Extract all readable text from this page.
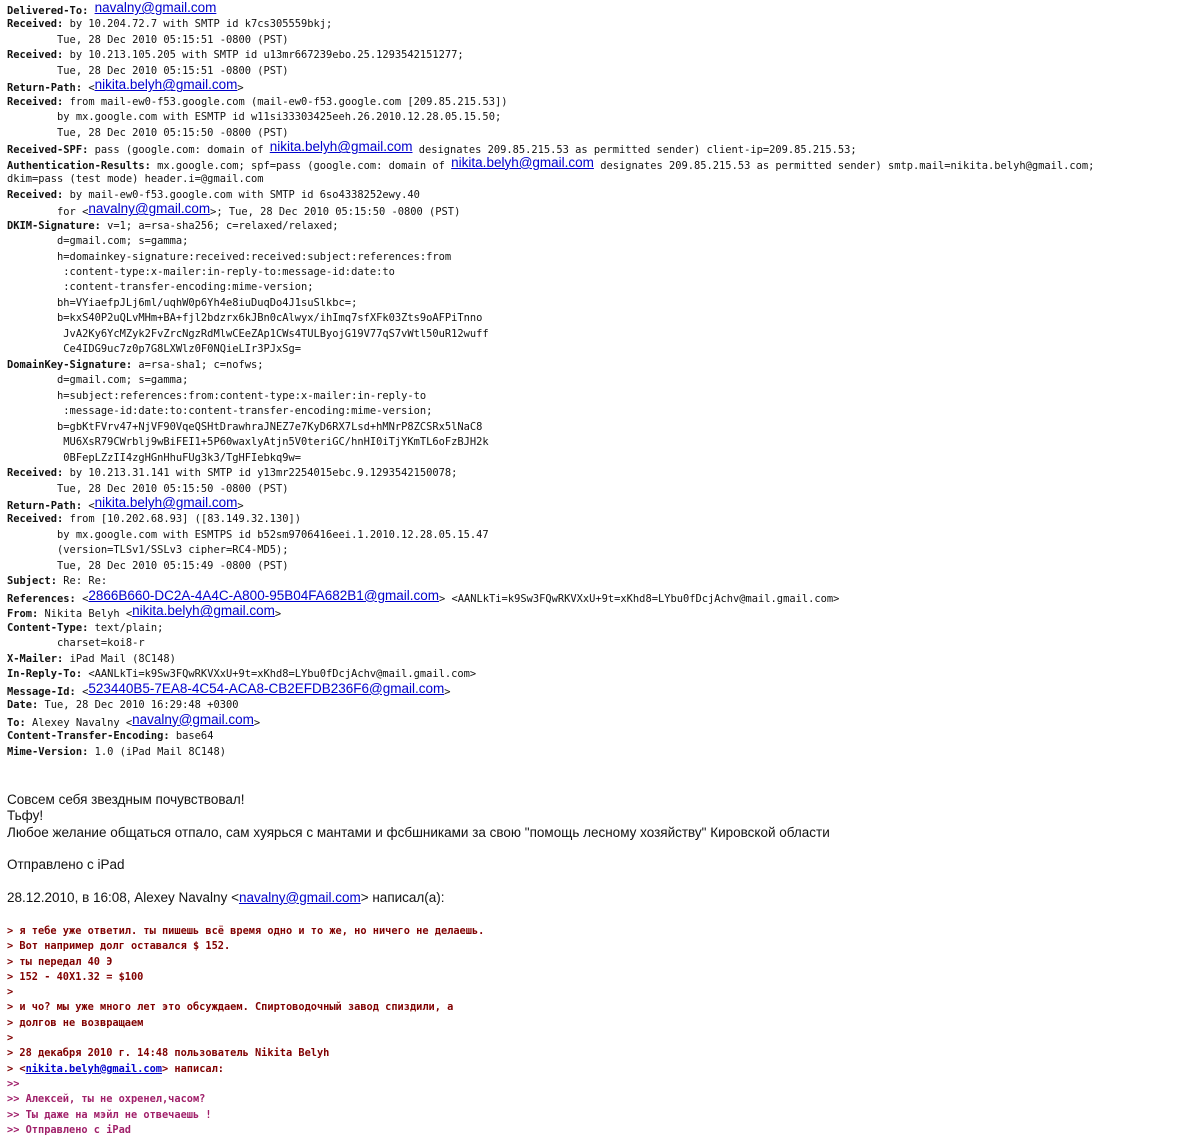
Delivered-To: navalny@gmail.com
Received: by 10.204.72.7 with SMTP id k7cs305559bkj;
Tue, 28 Dec 2010 05:15:51 -0800 (PST)
Received: by 10.213.105.205 with SMTP id u13mr667239ebo.25.1293542151277;
Tue, 28 Dec 2010 05:15:51 -0800 (PST)
Return-Path: <nikita.belyh@gmail.com>
Received: from mail-ew0-f53.google.com (mail-ew0-f53.google.com [209.85.215.53])
by mx.google.com with ESMTP id w11si33303425eeh.26.2010.12.28.05.15.50;
Tue, 28 Dec 2010 05:15:50 -0800 (PST)
Received-SPF: pass (google.com: domain of nikita.belyh@gmail.com designates 209.85.215.53 as permitted sender) client-ip=209.85.215.53;
Authentication-Results: mx.google.com; spf=pass (google.com: domain of nikita.belyh@gmail.com designates 209.85.215.53 as permitted sender) smtp.mail=nikita.belyh@gmail.com;
dkim=pass (test mode) header.i=@gmail.com
Received: by mail-ew0-f53.google.com with SMTP id 6so4338252ewy.40
for <navalny@gmail.com>; Tue, 28 Dec 2010 05:15:50 -0800 (PST)
DKIM-Signature: v=1; a=rsa-sha256; c=relaxed/relaxed;
d=gmail.com; s=gamma;
h=domainkey-signature:received:received:subject:references:from
:content-type:x-mailer:in-reply-to:message-id:date:to
:content-transfer-encoding:mime-version;
bh=VYiaefpJLj6ml/uqhW0p6Yh4e8iuDuqDo4J1suSlkbc=;
b=kxS40P2uQLvMHm+BA+fjl2bdzrx6kJBn0cAlwyx/ihImq7sfXFk03Zts9oAFPiTnno
JvA2Ky6YcMZyk2FvZrcNgzRdMlwCEeZAp1CWs4TULByojG19V77qS7vWtl50uR12wuff
Ce4IDG9uc7z0p7G8LXWlz0F0NQieLIr3PJxSg=
DomainKey-Signature: a=rsa-sha1; c=nofws;
d=gmail.com; s=gamma;
h=subject:references:from:content-type:x-mailer:in-reply-to
:message-id:date:to:content-transfer-encoding:mime-version;
b=gbKtFVrv47+NjVF90VqeQSHtDrawhraJNEZ7e7KyD6RX7Lsd+hMNrP8ZCSRx5lNaC8
MU6XsR79CWrblj9wBiFEI1+5P60waxlyAtjn5V0teriGC/hnHI0iTjYKmTL6oFzBJH2k
0BFepLZzII4zgHGnHhuFUg3k3/TgHFIebkq9w=
Received: by 10.213.31.141 with SMTP id y13mr2254015ebc.9.1293542150078;
Tue, 28 Dec 2010 05:15:50 -0800 (PST)
Return-Path: <nikita.belyh@gmail.com>
Received: from [10.202.68.93] ([83.149.32.130])
by mx.google.com with ESMTPS id b52sm9706416eei.1.2010.12.28.05.15.47
(version=TLSv1/SSLv3 cipher=RC4-MD5);
Tue, 28 Dec 2010 05:15:49 -0800 (PST)
Subject: Re: Re:
References: <2866B660-DC2A-4A4C-A800-95B04FA682B1@gmail.com> <AANLkTi=k9Sw3FQwRKVXxU+9t=xKhd8=LYbu0fDcjAchv@mail.gmail.com>
From: Nikita Belyh <nikita.belyh@gmail.com>
Content-Type: text/plain;
charset=koi8-r
X-Mailer: iPad Mail (8C148)
In-Reply-To: <AANLkTi=k9Sw3FQwRKVXxU+9t=xKhd8=LYbu0fDcjAchv@mail.gmail.com>
Message-Id: <523440B5-7EA8-4C54-ACA8-CB2EFDB236F6@gmail.com>
Date: Tue, 28 Dec 2010 16:29:48 +0300
To: Alexey Navalny <navalny@gmail.com>
Content-Transfer-Encoding: base64
Mime-Version: 1.0 (iPad Mail 8C148)
Совсем себя звездным почувствовал!
Тьфу!
Любое желание общаться отпало, сам хуярься с мантами и фсбшниками за свою "помощь лесному хозяйству" Кировской области
Отправлено с iPad
28.12.2010, в 16:08, Alexey Navalny <navalny@gmail.com> написал(а):
> я тебе уже ответил. ты пишешь всё время одно и то же, но ничего не делаешь.
> Вот например долг оставался $ 152.
> ты передал 40 Э
> 152 - 40X1.32 = $100
>
> и чо? мы уже много лет это обсуждаем. Спиртоводочный завод спиздили, а
> долгов не возвращаем
>
> 28 декабря 2010 г. 14:48 пользователь Nikita Belyh
> <nikita.belyh@gmail.com> написал:
>>
>> Алексей, ты не охренел,часом?
>> Ты даже на мэйл не отвечаешь !
>> Отправлено с iPad
